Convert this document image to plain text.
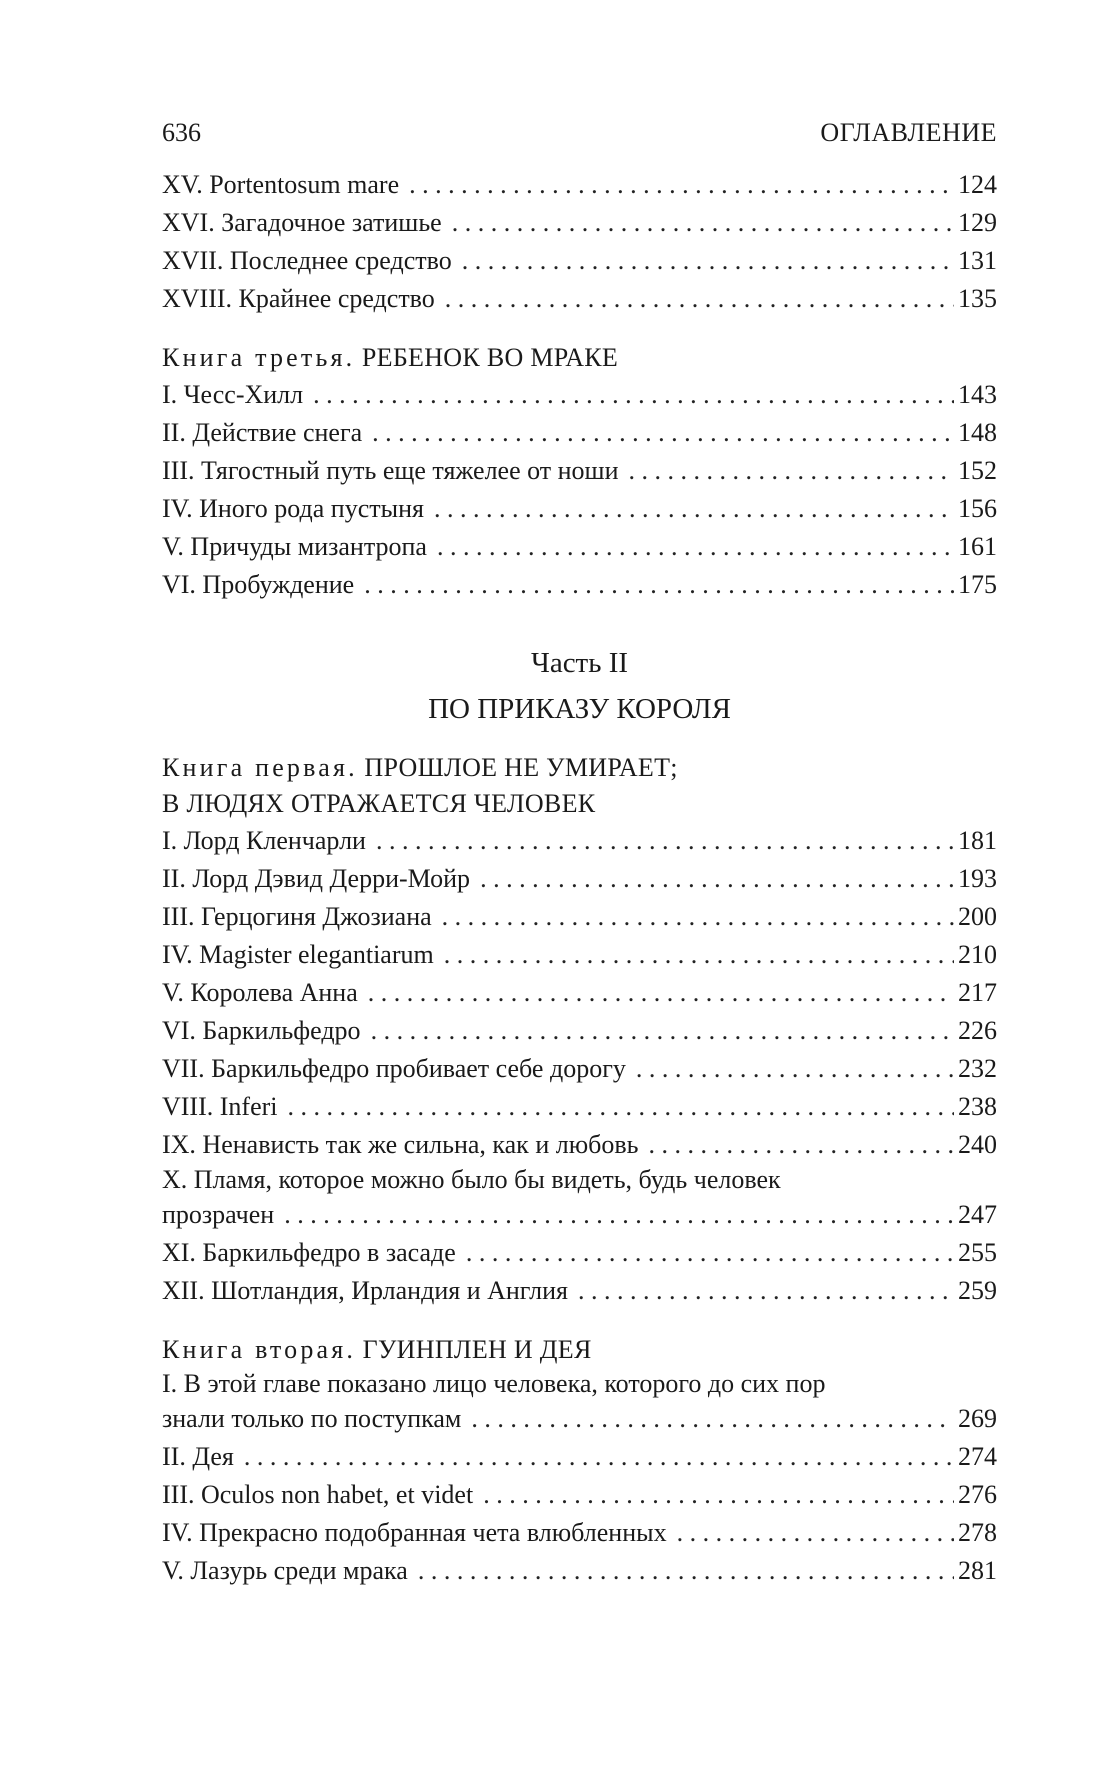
636	ОГЛАВЛЕНИЕ
XV. Portentosum mare . . .	124
XVI. Загадочное затишье . . .	129
XVII. Последнее средство . . .	131
XVIII. Крайнее средство . . .	135
Книга третья. РЕБЕНОК ВО МРАКЕ
I. Чесс-Хилл . . .	143
II. Действие снега . . .	148
III. Тягостный путь еще тяжелее от ноши . . .	152
IV. Иного рода пустыня . . .	156
V. Причуды мизантропа . . .	161
VI. Пробуждение . . .	175
Часть II
ПО ПРИКАЗУ КОРОЛЯ
Книга первая. ПРОШЛОЕ НЕ УМИРАЕТ;
В ЛЮДЯХ ОТРАЖАЕТСЯ ЧЕЛОВЕК
I. Лорд Кленчарли . . .	181
II. Лорд Дэвид Дерри-Мойр . . .	193
III. Герцогиня Джозиана . . .	200
IV. Magister elegantiarum . . .	210
V. Королева Анна . . .	217
VI. Баркильфедро . . .	226
VII. Баркильфедро пробивает себе дорогу . . .	232
VIII. Inferi . . .	238
IX. Ненависть так же сильна, как и любовь . . .	240
X. Пламя, которое можно было бы видеть, будь человек
прозрачен . . .	247
XI. Баркильфедро в засаде . . .	255
XII. Шотландия, Ирландия и Англия . . .	259
Книга вторая. ГУИНПЛЕН И ДЕЯ
I. В этой главе показано лицо человека, которого до сих пор
знали только по поступкам . . .	269
II. Дея . . .	274
III. Oculos non habet, et videt . . .	276
IV. Прекрасно подобранная чета влюбленных . . .	278
V. Лазурь среди мрака . . .	281
